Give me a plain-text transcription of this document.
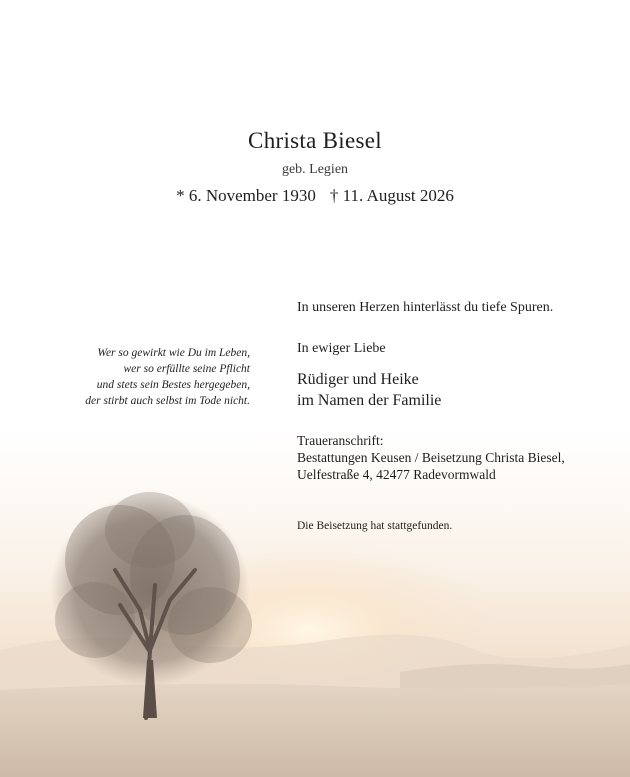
Christa Biesel
geb. Legien
* 6. November 1930 † 11. August 2026
Wer so gewirkt wie Du im Leben,
wer so erfüllte seine Pflicht
und stets sein Bestes hergegeben,
der stirbt auch selbst im Tode nicht.
In unseren Herzen hinterlässt du tiefe Spuren.
In ewiger Liebe
Rüdiger und Heike
im Namen der Familie
Traueranschrift:
Bestattungen Keusen / Beisetzung Christa Biesel,
Uelfestraße 4, 42477 Radevormwald
Die Beisetzung hat stattgefunden.
